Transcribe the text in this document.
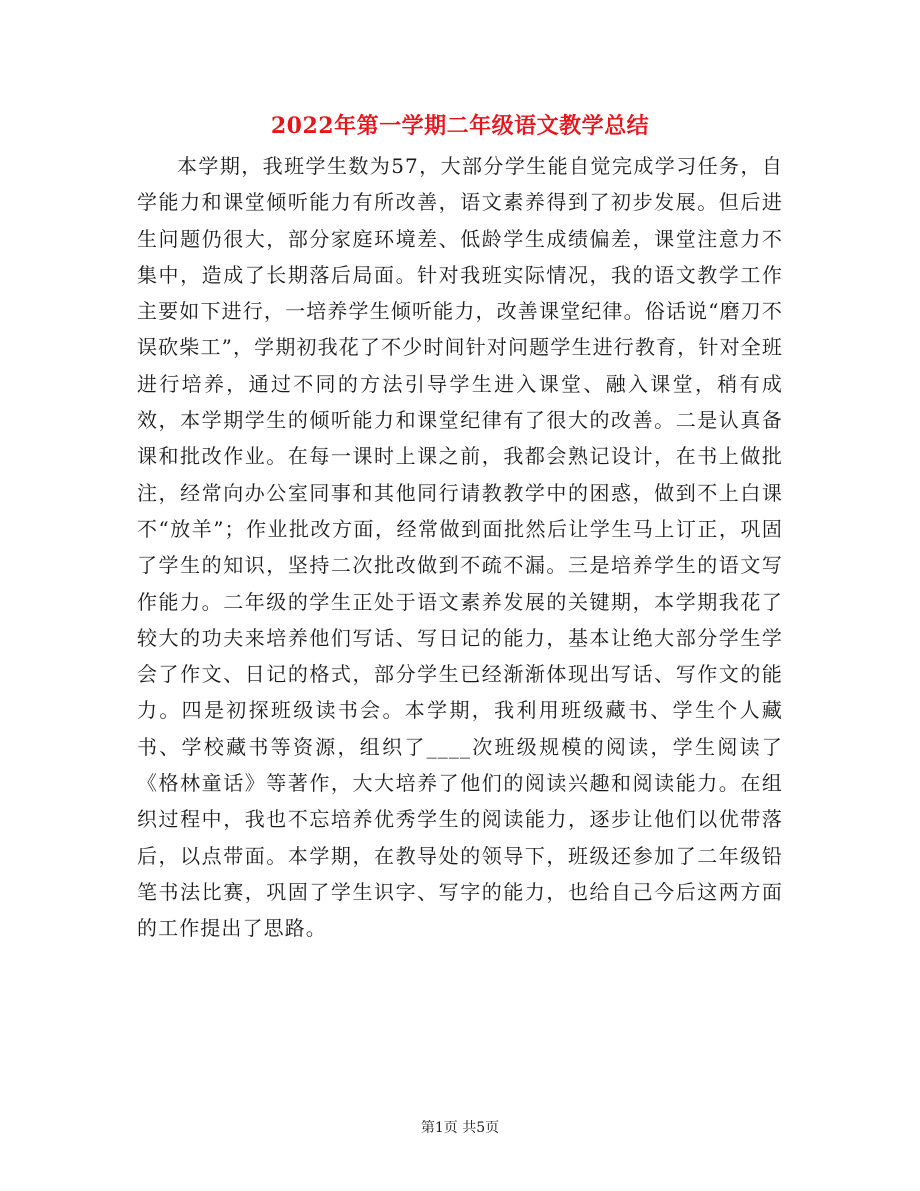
2022年第一学期二年级语文教学总结

本学期，我班学生数为57，大部分学生能自觉完成学习任务，自学能力和课堂倾听能力有所改善，语文素养得到了初步发展。但后进生问题仍很大，部分家庭环境差、低龄学生成绩偏差，课堂注意力不集中，造成了长期落后局面。针对我班实际情况，我的语文教学工作主要如下进行，一培养学生倾听能力，改善课堂纪律。俗话说“磨刀不误砍柴工”，学期初我花了不少时间针对问题学生进行教育，针对全班进行培养，通过不同的方法引导学生进入课堂、融入课堂，稍有成效，本学期学生的倾听能力和课堂纪律有了很大的改善。二是认真备课和批改作业。在每一课时上课之前，我都会熟记设计，在书上做批注，经常向办公室同事和其他同行请教教学中的困惑，做到不上白课不“放羊”；作业批改方面，经常做到面批然后让学生马上订正，巩固了学生的知识，坚持二次批改做到不疏不漏。三是培养学生的语文写作能力。二年级的学生正处于语文素养发展的关键期，本学期我花了较大的功夫来培养他们写话、写日记的能力，基本让绝大部分学生学会了作文、日记的格式，部分学生已经渐渐体现出写话、写作文的能力。四是初探班级读书会。本学期，我利用班级藏书、学生个人藏书、学校藏书等资源，组织了____次班级规模的阅读，学生阅读了《格林童话》等著作，大大培养了他们的阅读兴趣和阅读能力。在组织过程中，我也不忘培养优秀学生的阅读能力，逐步让他们以优带落后，以点带面。本学期，在教导处的领导下，班级还参加了二年级铅笔书法比赛，巩固了学生识字、写字的能力，也给自己今后这两方面的工作提出了思路。

第1页 共5页
